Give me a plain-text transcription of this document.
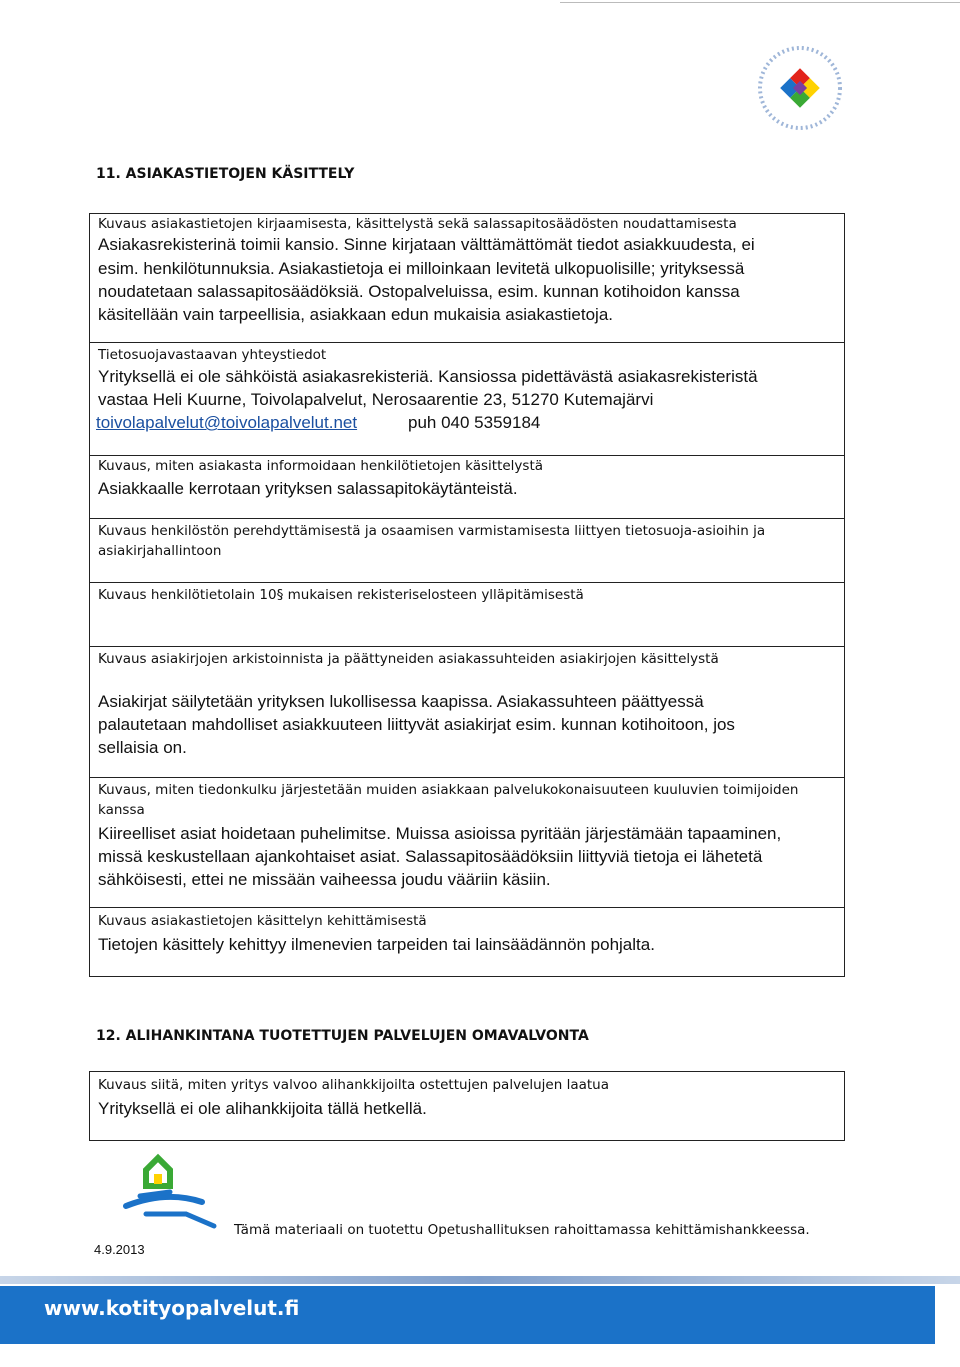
11. ASIAKASTIETOJEN KÄSITTELY
Kuvaus asiakastietojen kirjaamisesta, käsittelystä sekä salassapitosäädösten noudattamisesta
Asiakasrekisterinä toimii kansio. Sinne kirjataan välttämättömät tiedot asiakkuudesta, ei
esim. henkilötunnuksia. Asiakastietoja ei milloinkaan levitetä ulkopuolisille; yrityksessä
noudatetaan salassapitosäädöksiä. Ostopalveluissa, esim. kunnan kotihoidon kanssa
käsitellään vain tarpeellisia, asiakkaan edun mukaisia asiakastietoja.
Tietosuojavastaavan yhteystiedot
Yrityksellä ei ole sähköistä asiakasrekisteriä. Kansiossa pidettävästä asiakasrekisteristä
vastaa Heli Kuurne, Toivolapalvelut, Nerosaarentie 23, 51270 Kutemajärvi
toivolapalvelut@toivolapalvelut.net	puh 040 5359184
Kuvaus, miten asiakasta informoidaan henkilötietojen käsittelystä
Asiakkaalle kerrotaan yrityksen salassapitokäytänteistä.
Kuvaus henkilöstön perehdyttämisestä ja osaamisen varmistamisesta liittyen tietosuoja-asioihin ja
asiakirjahallintoon
Kuvaus henkilötietolain 10§ mukaisen rekisteriselosteen ylläpitämisestä
Kuvaus asiakirjojen arkistoinnista ja päättyneiden asiakassuhteiden asiakirjojen käsittelystä
Asiakirjat säilytetään yrityksen lukollisessa kaapissa. Asiakassuhteen päättyessä
palautetaan mahdolliset asiakkuuteen liittyvät asiakirjat esim. kunnan kotihoitoon, jos
sellaisia on.
Kuvaus, miten tiedonkulku järjestetään muiden asiakkaan palvelukokonaisuuteen kuuluvien toimijoiden
kanssa
Kiireelliset asiat hoidetaan puhelimitse. Muissa asioissa pyritään järjestämään tapaaminen,
missä keskustellaan ajankohtaiset asiat. Salassapitosäädöksiin liittyviä tietoja ei lähetetä
sähköisesti, ettei ne missään vaiheessa joudu vääriin käsiin.
Kuvaus asiakastietojen käsittelyn kehittämisestä
Tietojen käsittely kehittyy ilmenevien tarpeiden tai lainsäädännön pohjalta.
12. ALIHANKINTANA TUOTETTUJEN PALVELUJEN OMAVALVONTA
Kuvaus siitä, miten yritys valvoo alihankkijoilta ostettujen palvelujen laatua
Yrityksellä ei ole alihankkijoita tällä hetkellä.
Tämä materiaali on tuotettu Opetushallituksen rahoittamassa kehittämishankkeessa.
4.9.2013
www.kotityopalvelut.fi
